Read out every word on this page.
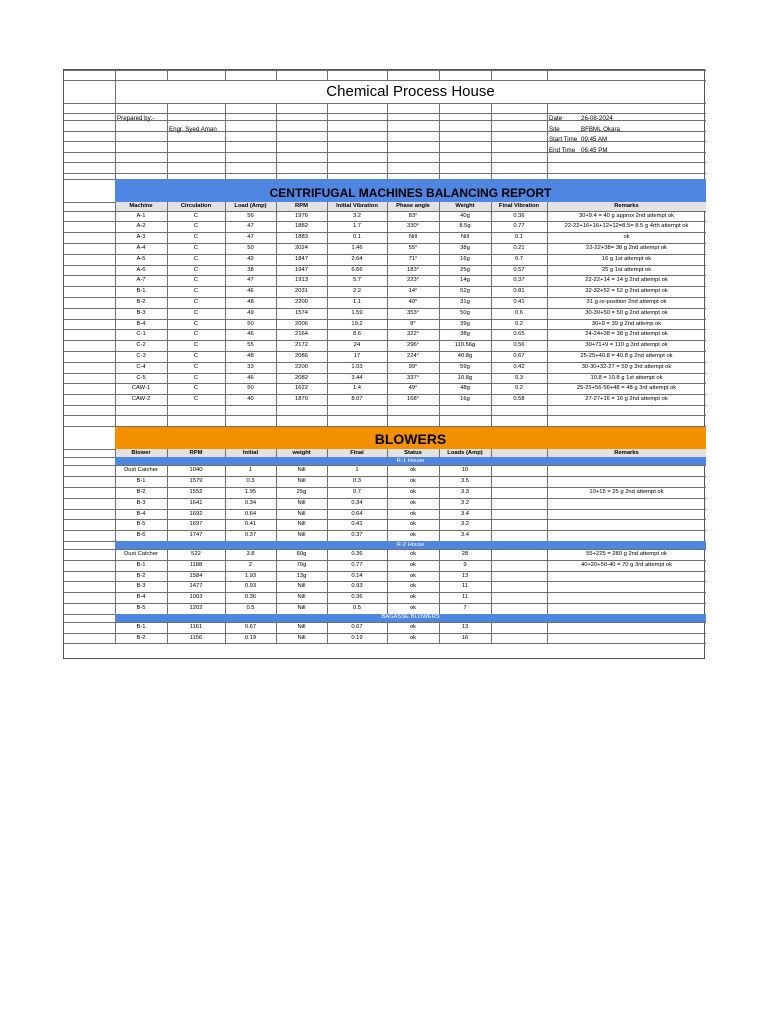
Chemical Process House
Prepared by:-
Engr. Syed Aman
Date	26-08-2024
Site	BFBML Okara
Start Time 09:45 AM
End Time 06:45 PM
CENTRIFUGAL MACHINES BALANCING REPORT
Machine	Circulation	Load (Amp)	RPM	Initial Vibration	Phase angle	Weight	Final Vibration	Remarks
A-1	C	56	1976	3.2	83°	40g	0.36	30+9.4 = 40 g approx 2nd attempt ok
A-2	C	47	1882	1.7	330°	8.5g	0.77	22-22+16+16+12+12=8.5= 8.5 g 4rth attempt ok
A-3	C	47	1883	0.1	Nill	Nill	0.1	ok
A-4	C	50	2024	1.46	55°	38g	0.21	22-22+38= 38 g 2nd attempt ok
A-5	C	42	1847	2.64	71°	16g	0.7	16 g 1st attempt ok
A-6	C	38	1947	6.66	183°	25g	0.57	25 g 1st attempt ok
A-7	C	47	1913	5.7	223°	14g	0.37	22-22+14 = 14 g 2nd attempt ok
B-1	C	46	2031	2.2	14°	52g	0.81	32-32+52 = 52 g 2nd attempt ok
B-2	C	48	2200	1.1	40°	31g	0.41	31 g re-position 2nd attempt ok
B-3	C	49	1574	1.59	353°	50g	0.6	30-30+50 = 50 g 2nd attempt ok
B-4	C	50	2006	19.2	8°	39g	0.2	30+9 = 39 g 2nd attemp ok
C-1	C	46	2164	8.6	322°	38g	0.65	24-24+38 = 38 g 2nd attempt ok
C-2	C	55	2172	24	296°	110.56g	0.56	30+71+9 = 110 g 3rd attempt ok
C-3	C	48	2086	17	224°	40.8g	0.67	25-25+40.8 = 40.8 g 2nd attempt ok
C-4	C	33	2200	1.03	99°	59g	0.42	30-30+32-27 = 59 g 3rd attempt ok
C-5	C	46	2082	3.44	337°	10.8g	0.3	10.8 = 10.8 g 1st attempt ok
CAW-1	C	50	1622	1.4	49°	48g	0.2	25-25+56-56+48 = 48 g 3rd attempt ok
CAW-2	C	40	1870	8.07	168°	16g	0.58	27-27+16 = 16 g 2nd attempt ok
BLOWERS
Blower	RPM	Initial	weight	Final	Status	Loads (Amp)	Remarks
R-1 House
Dust Catcher	1040	1	Nill	1	ok	10
B-1	1579	0.3	Nill	0.3	ok	3.5
B-2	1552	1.95	25g	0.7	ok	3.3	10+15 = 25 g 2nd attempt ok
B-3	1641	0.34	Nill	0.34	ok	3.2
B-4	1692	0.64	Nill	0.64	ok	3.4
B-5	1697	0.41	Nill	0.41	ok	3.2
B-6	1747	0.37	Nill	0.37	ok	3.4
R-2 House
Dust Catcher	522	3.8	60g	0.36	ok	28	55+225 = 280 g 2nd attempt ok
B-1	1188	2	70g	0.77	ok	9	40+20+50-40 = 70 g 3rd attempt ok
B-2	1584	1.93	13g	0.14	ok	13
B-3	1477	0.93	Nill	0.93	ok	11
B-4	1003	0.36	Nill	0.36	ok	11
B-5	1202	0.5	Nill	0.5	ok	7
BAGASSE BLOWERS
B-1	1161	0.67	Nill	0.67	ok	13
B-2	1156	0.19	Nill	0.19	ok	16
